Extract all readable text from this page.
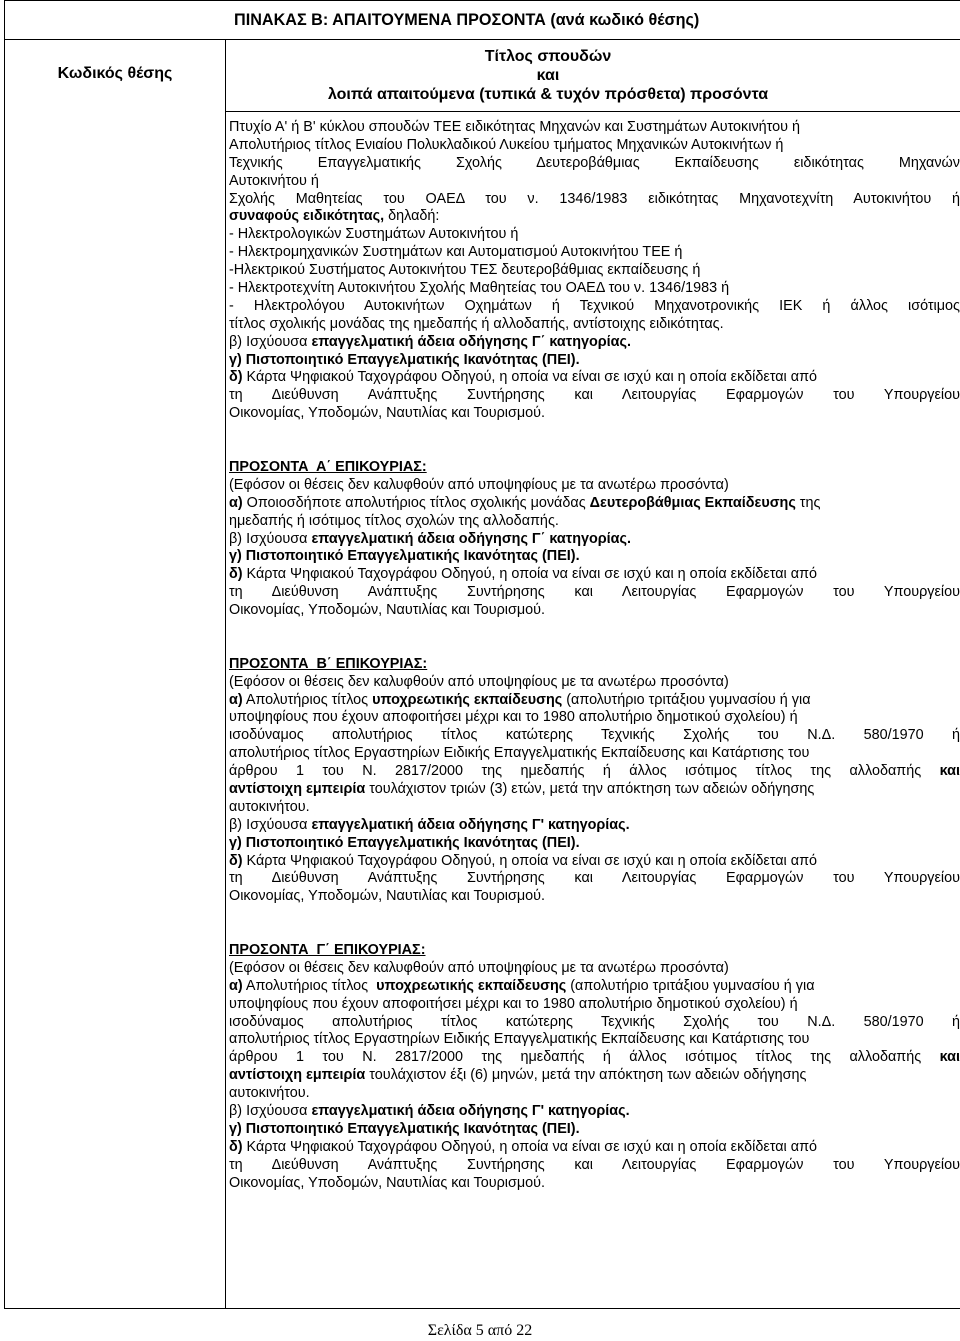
ΠΙΝΑΚΑΣ Β: ΑΠΑΙΤΟΥΜΕΝΑ ΠΡΟΣΟΝΤΑ (ανά κωδικό θέσης)
Κωδικός θέσης
Τίτλος σπουδών
και
λοιπά απαιτούμενα (τυπικά & τυχόν πρόσθετα) προσόντα
Πτυχίο Α' ή Β' κύκλου σπουδών ΤΕΕ ειδικότητας Μηχανών και Συστημάτων Αυτοκινήτου ή
Απολυτήριος τίτλος Ενιαίου Πολυκλαδικού Λυκείου τμήματος Μηχανικών Αυτοκινήτων ή
Τεχνικής Επαγγελματικής Σχολής Δευτεροβάθμιας Εκπαίδευσης ειδικότητας Μηχανών
Αυτοκινήτου ή
Σχολής Μαθητείας του ΟΑΕΔ του ν. 1346/1983 ειδικότητας Μηχανοτεχνίτη Αυτοκινήτου ή
συναφούς ειδικότητας, δηλαδή:
- Ηλεκτρολογικών Συστημάτων Αυτοκινήτου ή
- Ηλεκτρομηχανικών Συστημάτων και Αυτοματισμού Αυτοκινήτου ΤΕΕ ή
-Ηλεκτρικού Συστήματος Αυτοκινήτου ΤΕΣ δευτεροβάθμιας εκπαίδευσης ή
- Ηλεκτροτεχνίτη Αυτοκινήτου Σχολής Μαθητείας του ΟΑΕΔ του ν. 1346/1983 ή
- Ηλεκτρολόγου Αυτοκινήτων Οχημάτων ή Τεχνικού Μηχανοτρονικής ΙΕΚ ή άλλος ισότιμος
τίτλος σχολικής μονάδας της ημεδαπής ή αλλοδαπής, αντίστοιχης ειδικότητας.
β) Ισχύουσα επαγγελματική άδεια οδήγησης Γ΄ κατηγορίας.
γ) Πιστοποιητικό Επαγγελματικής Ικανότητας (ΠΕΙ).
δ) Κάρτα Ψηφιακού Ταχογράφου Οδηγού, η οποία να είναι σε ισχύ και η οποία εκδίδεται από
τη Διεύθυνση Ανάπτυξης Συντήρησης και Λειτουργίας Εφαρμογών του Υπουργείου
Οικονομίας, Υποδομών, Ναυτιλίας και Τουρισμού.
ΠΡΟΣΟΝΤΑ  Α΄ ΕΠΙΚΟΥΡΙΑΣ:
(Εφόσον οι θέσεις δεν καλυφθούν από υποψηφίους με τα ανωτέρω προσόντα)
α) Οποιοσδήποτε απολυτήριος τίτλος σχολικής μονάδας Δευτεροβάθμιας Εκπαίδευσης της
ημεδαπής ή ισότιμος τίτλος σχολών της αλλοδαπής.
β) Ισχύουσα επαγγελματική άδεια οδήγησης Γ΄ κατηγορίας.
γ) Πιστοποιητικό Επαγγελματικής Ικανότητας (ΠΕΙ).
δ) Κάρτα Ψηφιακού Ταχογράφου Οδηγού, η οποία να είναι σε ισχύ και η οποία εκδίδεται από
τη Διεύθυνση Ανάπτυξης Συντήρησης και Λειτουργίας Εφαρμογών του Υπουργείου
Οικονομίας, Υποδομών, Ναυτιλίας και Τουρισμού.
ΠΡΟΣΟΝΤΑ  Β΄ ΕΠΙΚΟΥΡΙΑΣ:
(Εφόσον οι θέσεις δεν καλυφθούν από υποψηφίους με τα ανωτέρω προσόντα)
α) Απολυτήριος τίτλος υποχρεωτικής εκπαίδευσης (απολυτήριο τριτάξιου γυμνασίου ή για
υποψηφίους που έχουν αποφοιτήσει μέχρι και το 1980 απολυτήριο δημοτικού σχολείου) ή
ισοδύναμος απολυτήριος τίτλος κατώτερης Τεχνικής Σχολής του Ν.Δ. 580/1970 ή
απολυτήριος τίτλος Εργαστηρίων Ειδικής Επαγγελματικής Εκπαίδευσης και Κατάρτισης του
άρθρου 1 του Ν. 2817/2000 της ημεδαπής ή άλλος ισότιμος τίτλος της αλλοδαπής και
αντίστοιχη εμπειρία τουλάχιστον τριών (3) ετών, μετά την απόκτηση των αδειών οδήγησης
αυτοκινήτου.
β) Ισχύουσα επαγγελματική άδεια οδήγησης Γ' κατηγορίας.
γ) Πιστοποιητικό Επαγγελματικής Ικανότητας (ΠΕΙ).
δ) Κάρτα Ψηφιακού Ταχογράφου Οδηγού, η οποία να είναι σε ισχύ και η οποία εκδίδεται από
τη Διεύθυνση Ανάπτυξης Συντήρησης και Λειτουργίας Εφαρμογών του Υπουργείου
Οικονομίας, Υποδομών, Ναυτιλίας και Τουρισμού.
ΠΡΟΣΟΝΤΑ  Γ΄ ΕΠΙΚΟΥΡΙΑΣ:
(Εφόσον οι θέσεις δεν καλυφθούν από υποψηφίους με τα ανωτέρω προσόντα)
α) Απολυτήριος τίτλος  υποχρεωτικής εκπαίδευσης (απολυτήριο τριτάξιου γυμνασίου ή για
υποψηφίους που έχουν αποφοιτήσει μέχρι και το 1980 απολυτήριο δημοτικού σχολείου) ή
ισοδύναμος απολυτήριος τίτλος κατώτερης Τεχνικής Σχολής του Ν.Δ. 580/1970 ή
απολυτήριος τίτλος Εργαστηρίων Ειδικής Επαγγελματικής Εκπαίδευσης και Κατάρτισης του
άρθρου 1 του Ν. 2817/2000 της ημεδαπής ή άλλος ισότιμος τίτλος της αλλοδαπής και
αντίστοιχη εμπειρία τουλάχιστον έξι (6) μηνών, μετά την απόκτηση των αδειών οδήγησης
αυτοκινήτου.
β) Ισχύουσα επαγγελματική άδεια οδήγησης Γ' κατηγορίας.
γ) Πιστοποιητικό Επαγγελματικής Ικανότητας (ΠΕΙ).
δ) Κάρτα Ψηφιακού Ταχογράφου Οδηγού, η οποία να είναι σε ισχύ και η οποία εκδίδεται από
τη Διεύθυνση Ανάπτυξης Συντήρησης και Λειτουργίας Εφαρμογών του Υπουργείου
Οικονομίας, Υποδομών, Ναυτιλίας και Τουρισμού.
Σελίδα 5 από 22
